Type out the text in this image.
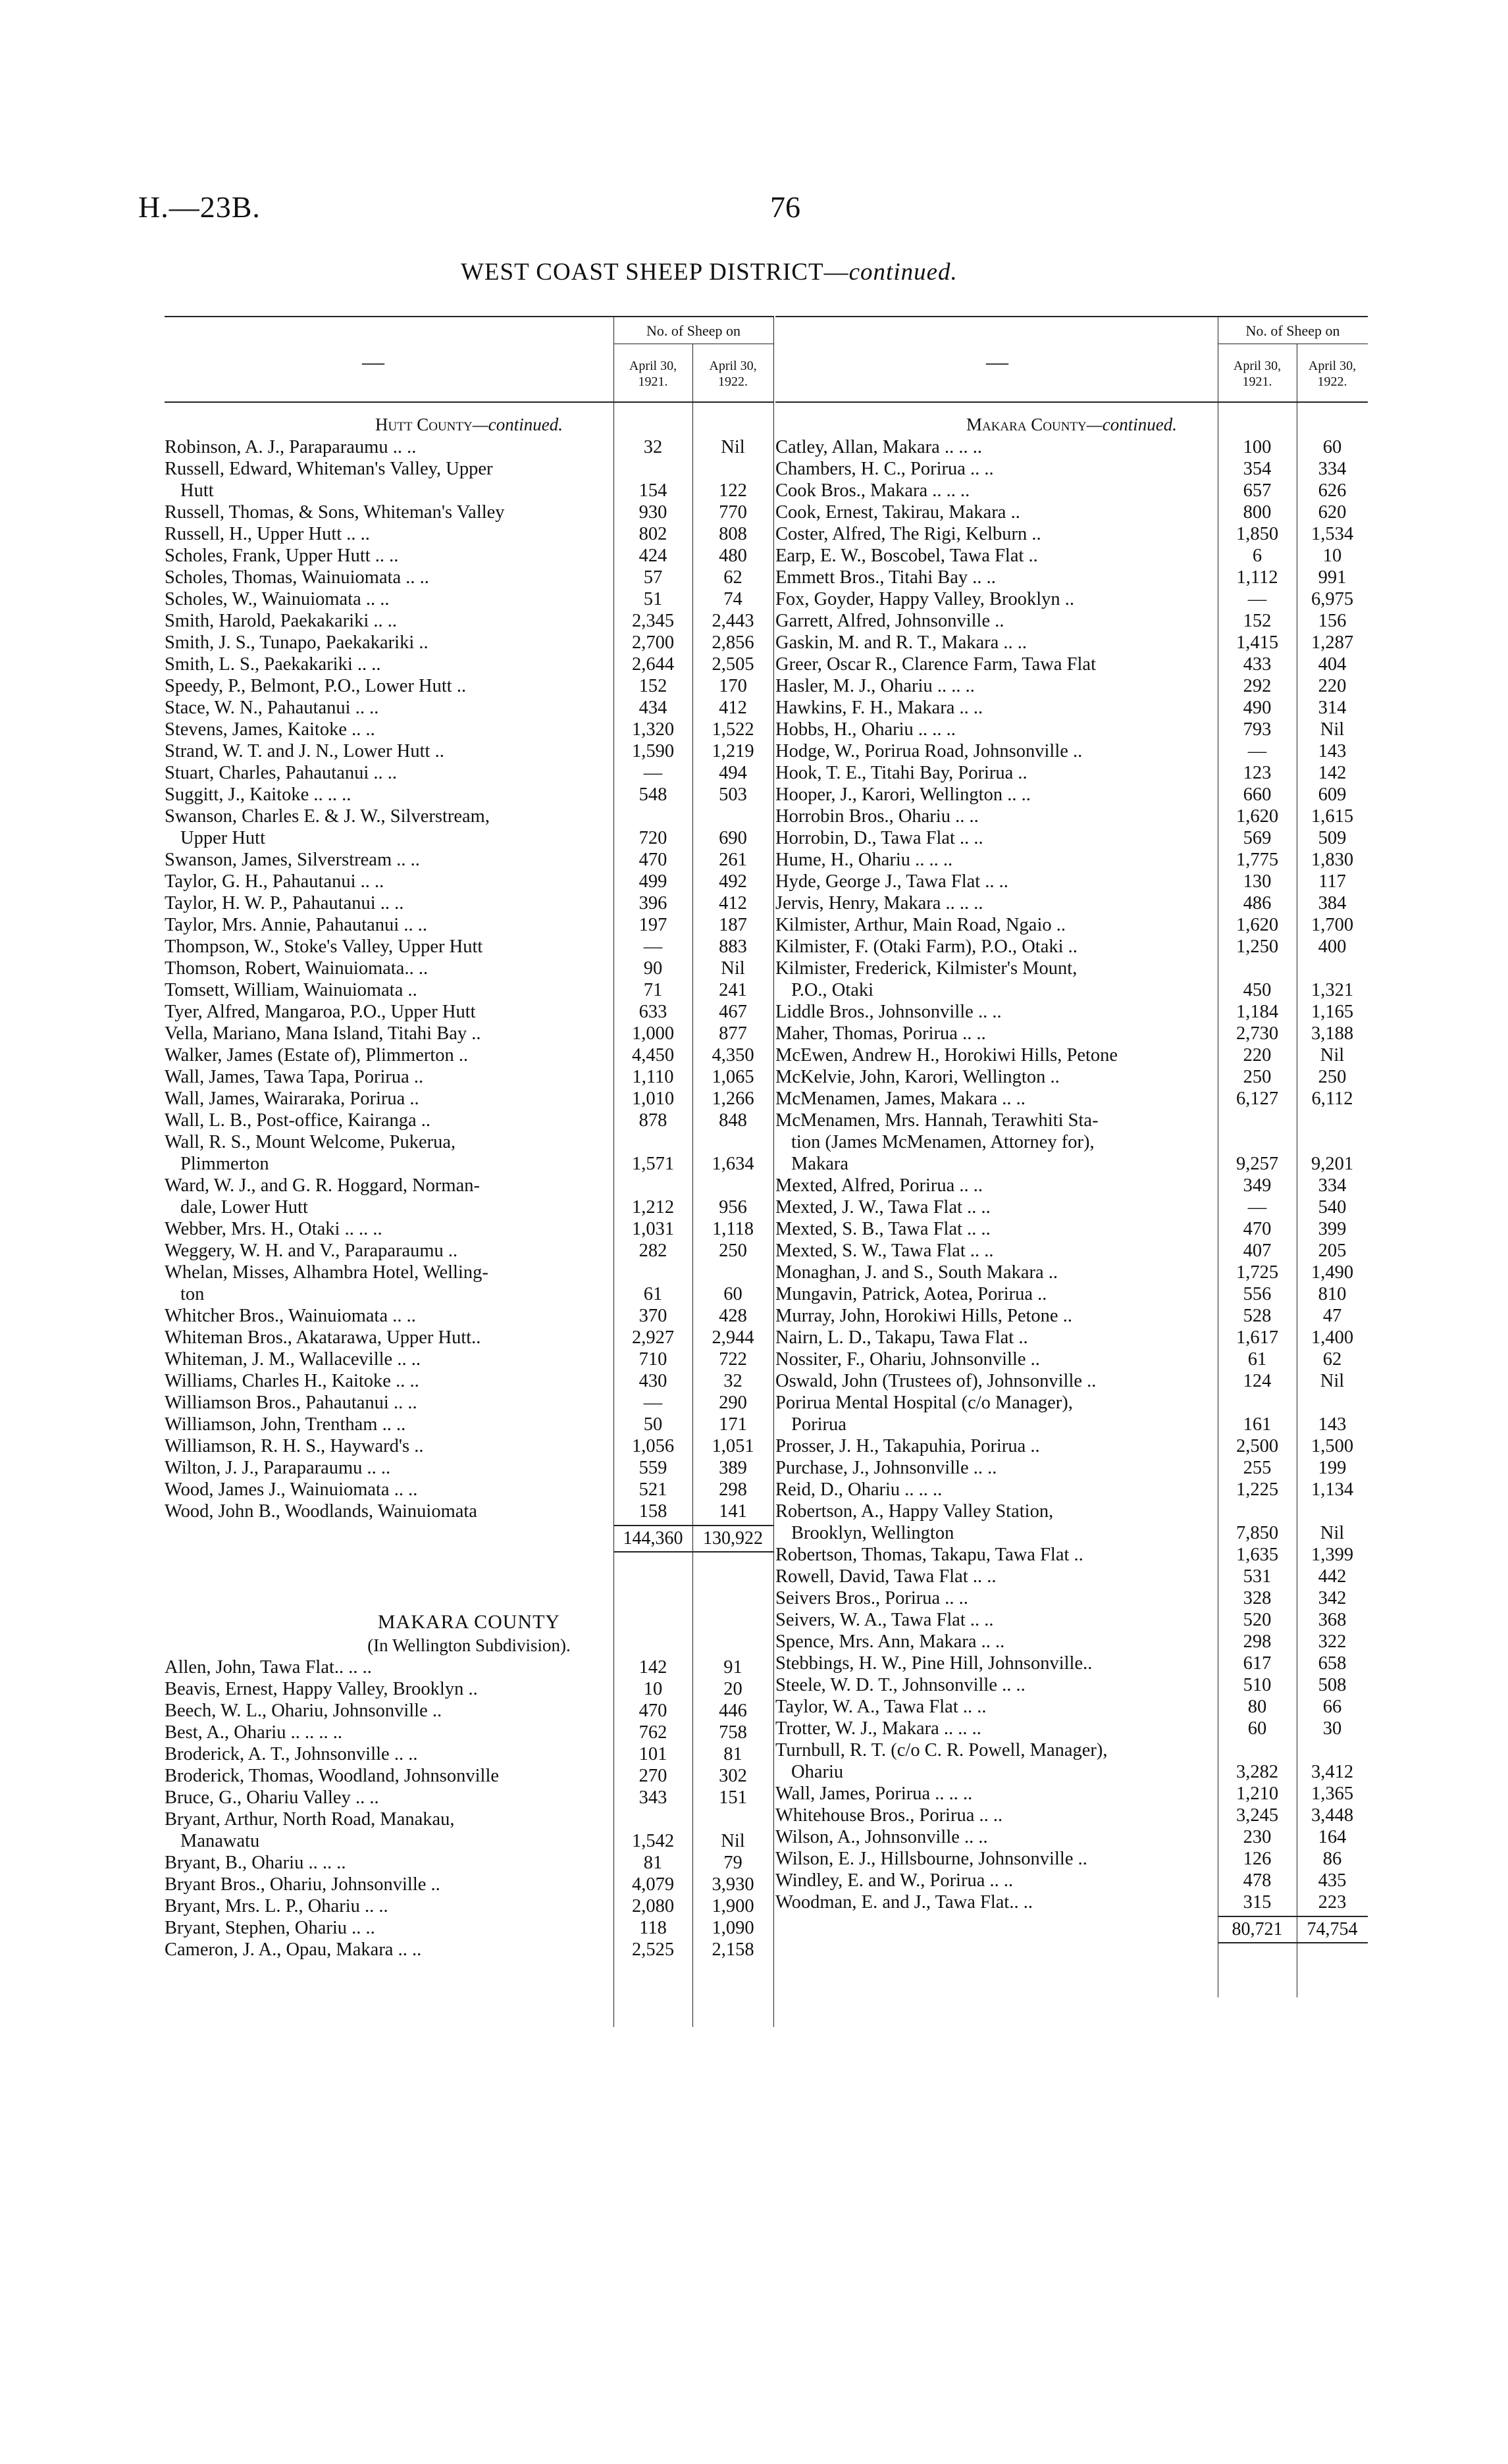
H.—23B.	76
WEST COAST SHEEP DISTRICT—continued.
—
No. of Sheep on
April 30,
1921.
April 30,
1922.
Hutt County—continued.
Robinson, A. J., Paraparaumu .. ..	32	Nil
Russell, Edward, Whiteman's Valley, Upper
Hutt	154	122
Russell, Thomas, & Sons, Whiteman's Valley	930	770
Russell, H., Upper Hutt .. ..	802	808
Scholes, Frank, Upper Hutt .. ..	424	480
Scholes, Thomas, Wainuiomata .. ..	57	62
Scholes, W., Wainuiomata .. ..	51	74
Smith, Harold, Paekakariki .. ..	2,345	2,443
Smith, J. S., Tunapo, Paekakariki ..	2,700	2,856
Smith, L. S., Paekakariki .. ..	2,644	2,505
Speedy, P., Belmont, P.O., Lower Hutt ..	152	170
Stace, W. N., Pahautanui .. ..	434	412
Stevens, James, Kaitoke .. ..	1,320	1,522
Strand, W. T. and J. N., Lower Hutt ..	1,590	1,219
Stuart, Charles, Pahautanui .. ..	—	494
Suggitt, J., Kaitoke .. .. ..	548	503
Swanson, Charles E. & J. W., Silverstream,
Upper Hutt	720	690
Swanson, James, Silverstream .. ..	470	261
Taylor, G. H., Pahautanui .. ..	499	492
Taylor, H. W. P., Pahautanui .. ..	396	412
Taylor, Mrs. Annie, Pahautanui .. ..	197	187
Thompson, W., Stoke's Valley, Upper Hutt	—	883
Thomson, Robert, Wainuiomata.. ..	90	Nil
Tomsett, William, Wainuiomata ..	71	241
Tyer, Alfred, Mangaroa, P.O., Upper Hutt	633	467
Vella, Mariano, Mana Island, Titahi Bay ..	1,000	877
Walker, James (Estate of), Plimmerton ..	4,450	4,350
Wall, James, Tawa Tapa, Porirua ..	1,110	1,065
Wall, James, Wairaraka, Porirua ..	1,010	1,266
Wall, L. B., Post-office, Kairanga ..	878	848
Wall, R. S., Mount Welcome, Pukerua,
Plimmerton	1,571	1,634
Ward, W. J., and G. R. Hoggard, Norman-
dale, Lower Hutt	1,212	956
Webber, Mrs. H., Otaki .. .. ..	1,031	1,118
Weggery, W. H. and V., Paraparaumu ..	282	250
Whelan, Misses, Alhambra Hotel, Welling-
ton	61	60
Whitcher Bros., Wainuiomata .. ..	370	428
Whiteman Bros., Akatarawa, Upper Hutt..	2,927	2,944
Whiteman, J. M., Wallaceville .. ..	710	722
Williams, Charles H., Kaitoke .. ..	430	32
Williamson Bros., Pahautanui .. ..	—	290
Williamson, John, Trentham .. ..	50	171
Williamson, R. H. S., Hayward's ..	1,056	1,051
Wilton, J. J., Paraparaumu .. ..	559	389
Wood, James J., Wainuiomata .. ..	521	298
Wood, John B., Woodlands, Wainuiomata	158	141
144,360	130,922
MAKARA COUNTY
(In Wellington Subdivision).
Allen, John, Tawa Flat.. .. ..	142	91
Beavis, Ernest, Happy Valley, Brooklyn ..	10	20
Beech, W. L., Ohariu, Johnsonville ..	470	446
Best, A., Ohariu .. .. .. ..	762	758
Broderick, A. T., Johnsonville .. ..	101	81
Broderick, Thomas, Woodland, Johnsonville	270	302
Bruce, G., Ohariu Valley .. ..	343	151
Bryant, Arthur, North Road, Manakau,
Manawatu	1,542	Nil
Bryant, B., Ohariu .. .. ..	81	79
Bryant Bros., Ohariu, Johnsonville ..	4,079	3,930
Bryant, Mrs. L. P., Ohariu .. ..	2,080	1,900
Bryant, Stephen, Ohariu .. ..	118	1,090
Cameron, J. A., Opau, Makara .. ..	2,525	2,158
—
No. of Sheep on
April 30,
1921.
April 30,
1922.
Makara County—continued.
Catley, Allan, Makara .. .. ..	100	60
Chambers, H. C., Porirua .. ..	354	334
Cook Bros., Makara .. .. ..	657	626
Cook, Ernest, Takirau, Makara ..	800	620
Coster, Alfred, The Rigi, Kelburn ..	1,850	1,534
Earp, E. W., Boscobel, Tawa Flat ..	6	10
Emmett Bros., Titahi Bay .. ..	1,112	991
Fox, Goyder, Happy Valley, Brooklyn ..	—	6,975
Garrett, Alfred, Johnsonville ..	152	156
Gaskin, M. and R. T., Makara .. ..	1,415	1,287
Greer, Oscar R., Clarence Farm, Tawa Flat	433	404
Hasler, M. J., Ohariu .. .. ..	292	220
Hawkins, F. H., Makara .. ..	490	314
Hobbs, H., Ohariu .. .. ..	793	Nil
Hodge, W., Porirua Road, Johnsonville ..	—	143
Hook, T. E., Titahi Bay, Porirua ..	123	142
Hooper, J., Karori, Wellington .. ..	660	609
Horrobin Bros., Ohariu .. ..	1,620	1,615
Horrobin, D., Tawa Flat .. ..	569	509
Hume, H., Ohariu .. .. ..	1,775	1,830
Hyde, George J., Tawa Flat .. ..	130	117
Jervis, Henry, Makara .. .. ..	486	384
Kilmister, Arthur, Main Road, Ngaio ..	1,620	1,700
Kilmister, F. (Otaki Farm), P.O., Otaki ..	1,250	400
Kilmister, Frederick, Kilmister's Mount,
P.O., Otaki	450	1,321
Liddle Bros., Johnsonville .. ..	1,184	1,165
Maher, Thomas, Porirua .. ..	2,730	3,188
McEwen, Andrew H., Horokiwi Hills, Petone	220	Nil
McKelvie, John, Karori, Wellington ..	250	250
McMenamen, James, Makara .. ..	6,127	6,112
McMenamen, Mrs. Hannah, Terawhiti Sta-
tion (James McMenamen, Attorney for),
Makara	9,257	9,201
Mexted, Alfred, Porirua .. ..	349	334
Mexted, J. W., Tawa Flat .. ..	—	540
Mexted, S. B., Tawa Flat .. ..	470	399
Mexted, S. W., Tawa Flat .. ..	407	205
Monaghan, J. and S., South Makara ..	1,725	1,490
Mungavin, Patrick, Aotea, Porirua ..	556	810
Murray, John, Horokiwi Hills, Petone ..	528	47
Nairn, L. D., Takapu, Tawa Flat ..	1,617	1,400
Nossiter, F., Ohariu, Johnsonville ..	61	62
Oswald, John (Trustees of), Johnsonville ..	124	Nil
Porirua Mental Hospital (c/o Manager),
Porirua	161	143
Prosser, J. H., Takapuhia, Porirua ..	2,500	1,500
Purchase, J., Johnsonville .. ..	255	199
Reid, D., Ohariu .. .. ..	1,225	1,134
Robertson, A., Happy Valley Station,
Brooklyn, Wellington	7,850	Nil
Robertson, Thomas, Takapu, Tawa Flat ..	1,635	1,399
Rowell, David, Tawa Flat .. ..	531	442
Seivers Bros., Porirua .. ..	328	342
Seivers, W. A., Tawa Flat .. ..	520	368
Spence, Mrs. Ann, Makara .. ..	298	322
Stebbings, H. W., Pine Hill, Johnsonville..	617	658
Steele, W. D. T., Johnsonville .. ..	510	508
Taylor, W. A., Tawa Flat .. ..	80	66
Trotter, W. J., Makara .. .. ..	60	30
Turnbull, R. T. (c/o C. R. Powell, Manager),
Ohariu	3,282	3,412
Wall, James, Porirua .. .. ..	1,210	1,365
Whitehouse Bros., Porirua .. ..	3,245	3,448
Wilson, A., Johnsonville .. ..	230	164
Wilson, E. J., Hillsbourne, Johnsonville ..	126	86
Windley, E. and W., Porirua .. ..	478	435
Woodman, E. and J., Tawa Flat.. ..	315	223
80,721	74,754
